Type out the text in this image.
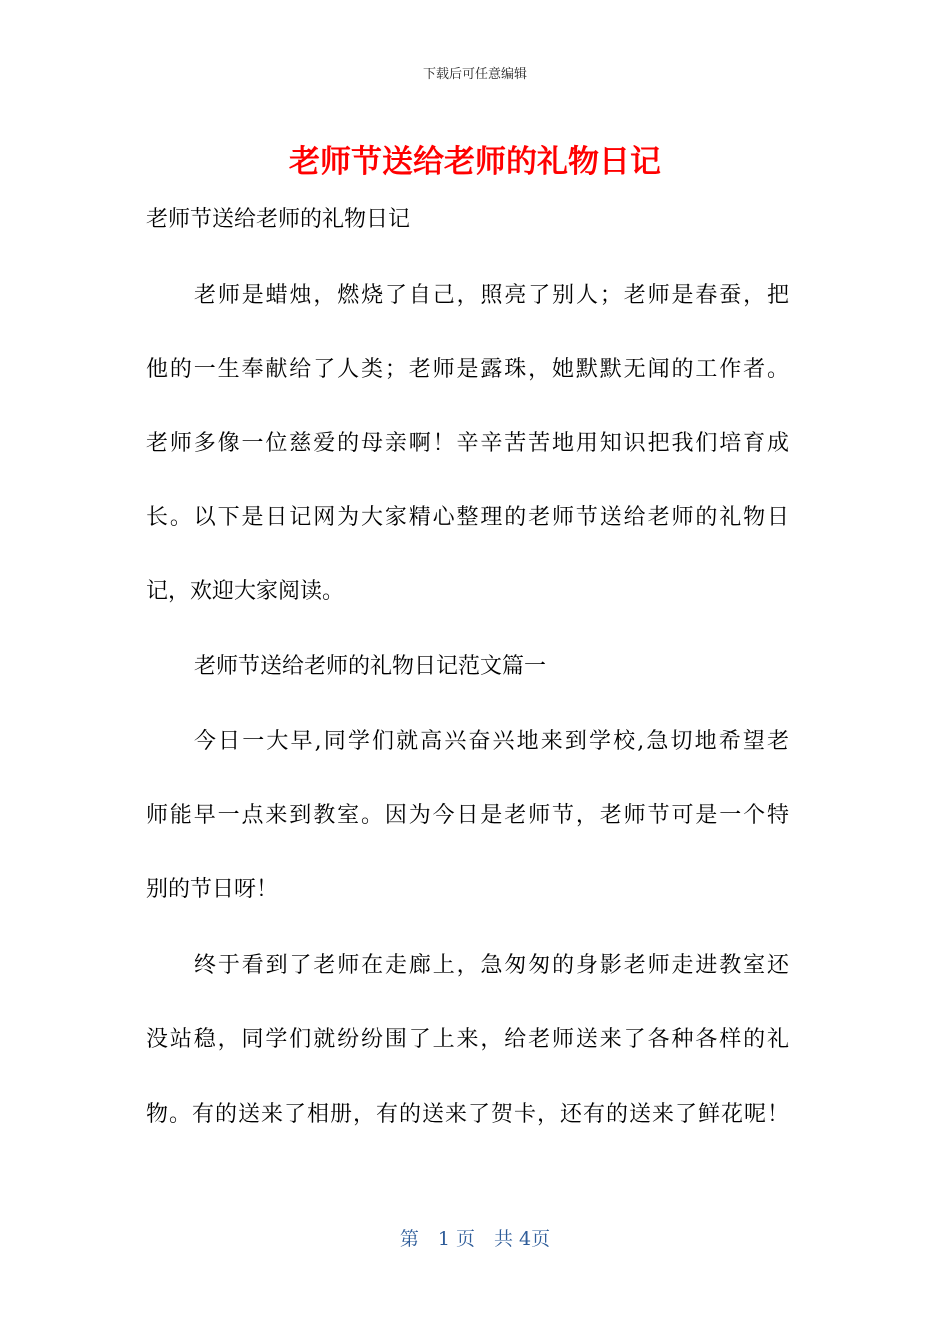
下载后可任意编辑
老师节送给老师的礼物日记
老师节送给老师的礼物日记
老师是蜡烛，燃烧了自己，照亮了别人；老师是春蚕，把
他的一生奉献给了人类；老师是露珠，她默默无闻的工作者。
老师多像一位慈爱的母亲啊！辛辛苦苦地用知识把我们培育成
长。以下是日记网为大家精心整理的老师节送给老师的礼物日
记，欢迎大家阅读。
老师节送给老师的礼物日记范文篇一
今日一大早,同学们就高兴奋兴地来到学校,急切地希望老
师能早一点来到教室。因为今日是老师节，老师节可是一个特
别的节日呀！
终于看到了老师在走廊上，急匆匆的身影老师走进教室还
没站稳，同学们就纷纷围了上来，给老师送来了各种各样的礼
物。有的送来了相册，有的送来了贺卡，还有的送来了鲜花呢！
第　1 页　共 4页
